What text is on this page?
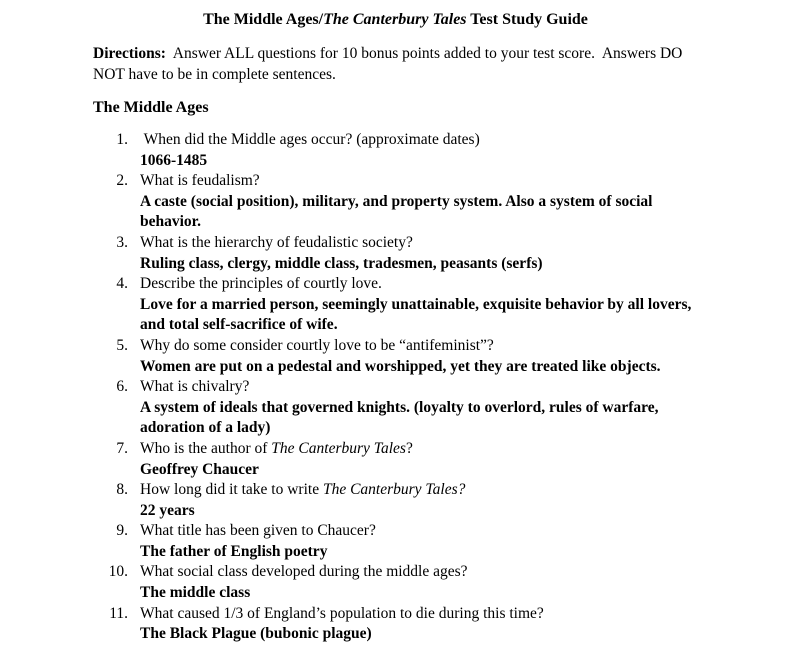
The Middle Ages/The Canterbury Tales Test Study Guide
Directions:  Answer ALL questions for 10 bonus points added to your test score.  Answers DO
NOT have to be in complete sentences.
The Middle Ages
1. When did the Middle ages occur? (approximate dates)
1066-1485
2. What is feudalism?
A caste (social position), military, and property system. Also a system of social
behavior.
3. What is the hierarchy of feudalistic society?
Ruling class, clergy, middle class, tradesmen, peasants (serfs)
4. Describe the principles of courtly love.
Love for a married person, seemingly unattainable, exquisite behavior by all lovers,
and total self-sacrifice of wife.
5. Why do some consider courtly love to be “antifeminist”?
Women are put on a pedestal and worshipped, yet they are treated like objects.
6. What is chivalry?
A system of ideals that governed knights. (loyalty to overlord, rules of warfare,
adoration of a lady)
7. Who is the author of The Canterbury Tales?
Geoffrey Chaucer
8. How long did it take to write The Canterbury Tales?
22 years
9. What title has been given to Chaucer?
The father of English poetry
10. What social class developed during the middle ages?
The middle class
11. What caused 1/3 of England’s population to die during this time?
The Black Plague (bubonic plague)
